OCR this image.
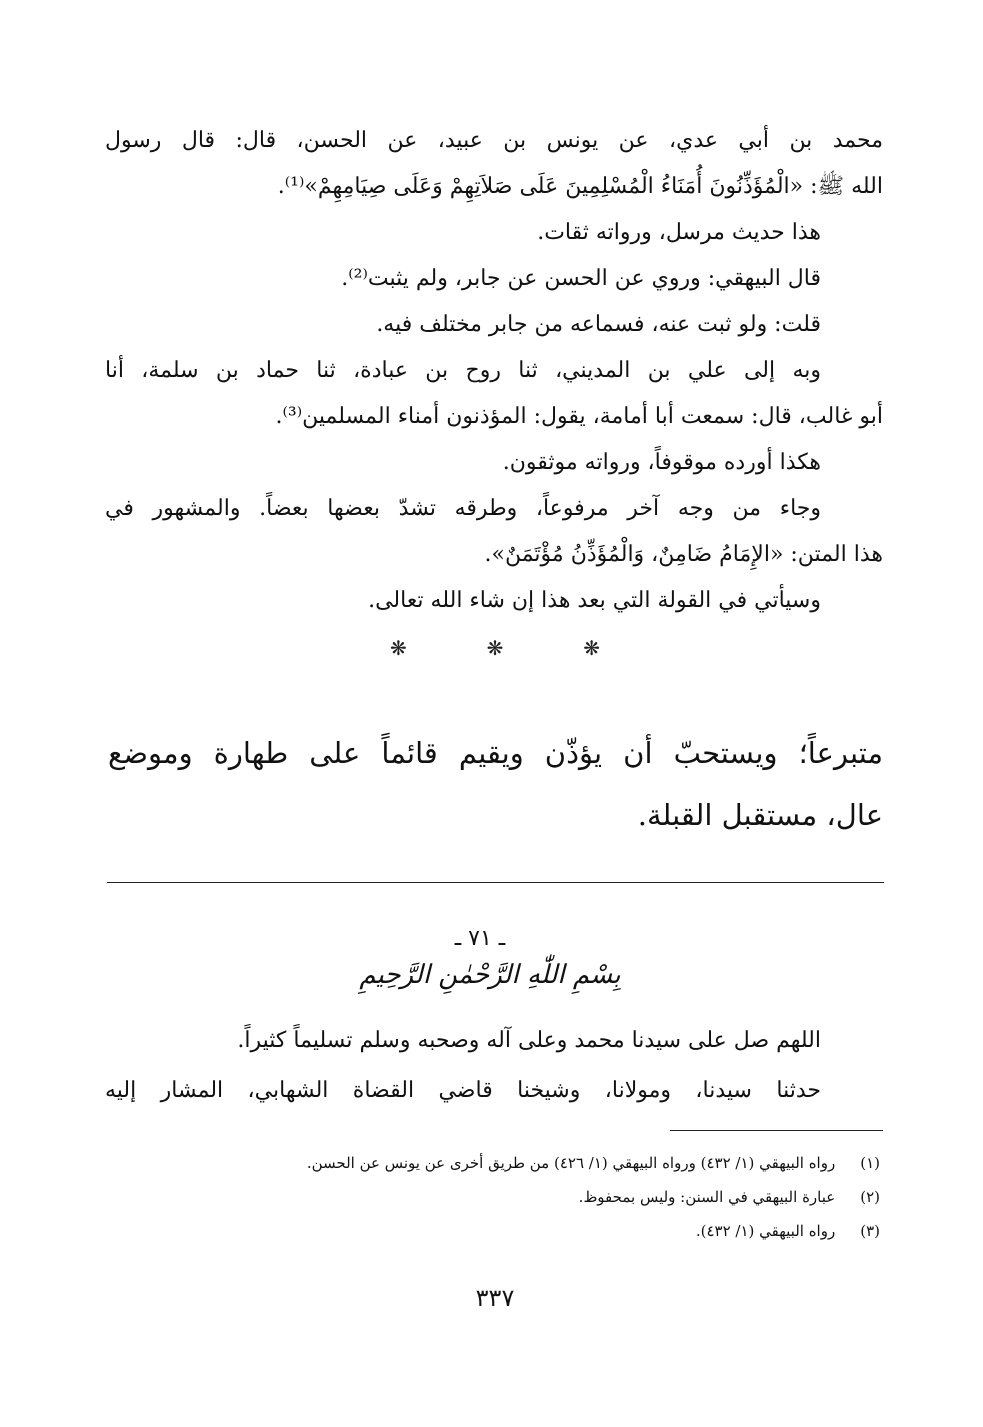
محمد بن أبي عدي، عن يونس بن عبيد، عن الحسن، قال: قال رسول
الله ﷺ: «الْمُؤَذِّنُونَ أُمَنَاءُ الْمُسْلِمِينَ عَلَى صَلاَتِهِمْ وَعَلَى صِيَامِهِمْ»⁽¹⁾.
هذا حديث مرسل، ورواته ثقات.
قال البيهقي: وروي عن الحسن عن جابر، ولم يثبت⁽²⁾.
قلت: ولو ثبت عنه، فسماعه من جابر مختلف فيه.
وبه إلى علي بن المديني، ثنا روح بن عبادة، ثنا حماد بن سلمة، أنا
أبو غالب، قال: سمعت أبا أمامة، يقول: المؤذنون أمناء المسلمين⁽³⁾.
هكذا أورده موقوفاً، ورواته موثقون.
وجاء من وجه آخر مرفوعاً، وطرقه تشدّ بعضها بعضاً. والمشهور في
هذا المتن: «الإِمَامُ ضَامِنٌ، وَالْمُؤَذِّنُ مُؤْتَمَنٌ».
وسيأتي في القولة التي بعد هذا إن شاء الله تعالى.
❋	❋	❋
متبرعاً؛ ويستحبّ أن يؤذّن ويقيم قائماً على طهارة وموضع
عال، مستقبل القبلة.
ـ ٧١ ـ
بِسْمِ اللّٰهِ الرَّحْمٰنِ الرَّحِيمِ
اللهم صل على سيدنا محمد وعلى آله وصحبه وسلم تسليماً كثيراً.
حدثنا سيدنا، ومولانا، وشيخنا قاضي القضاة الشهابي، المشار إليه
(١) رواه البيهقي (١/ ٤٣٢) ورواه البيهقي (١/ ٤٢٦) من طريق أخرى عن يونس عن الحسن.
(٢) عبارة البيهقي في السنن: وليس بمحفوظ.
(٣) رواه البيهقي (١/ ٤٣٢).
٣٣٧
